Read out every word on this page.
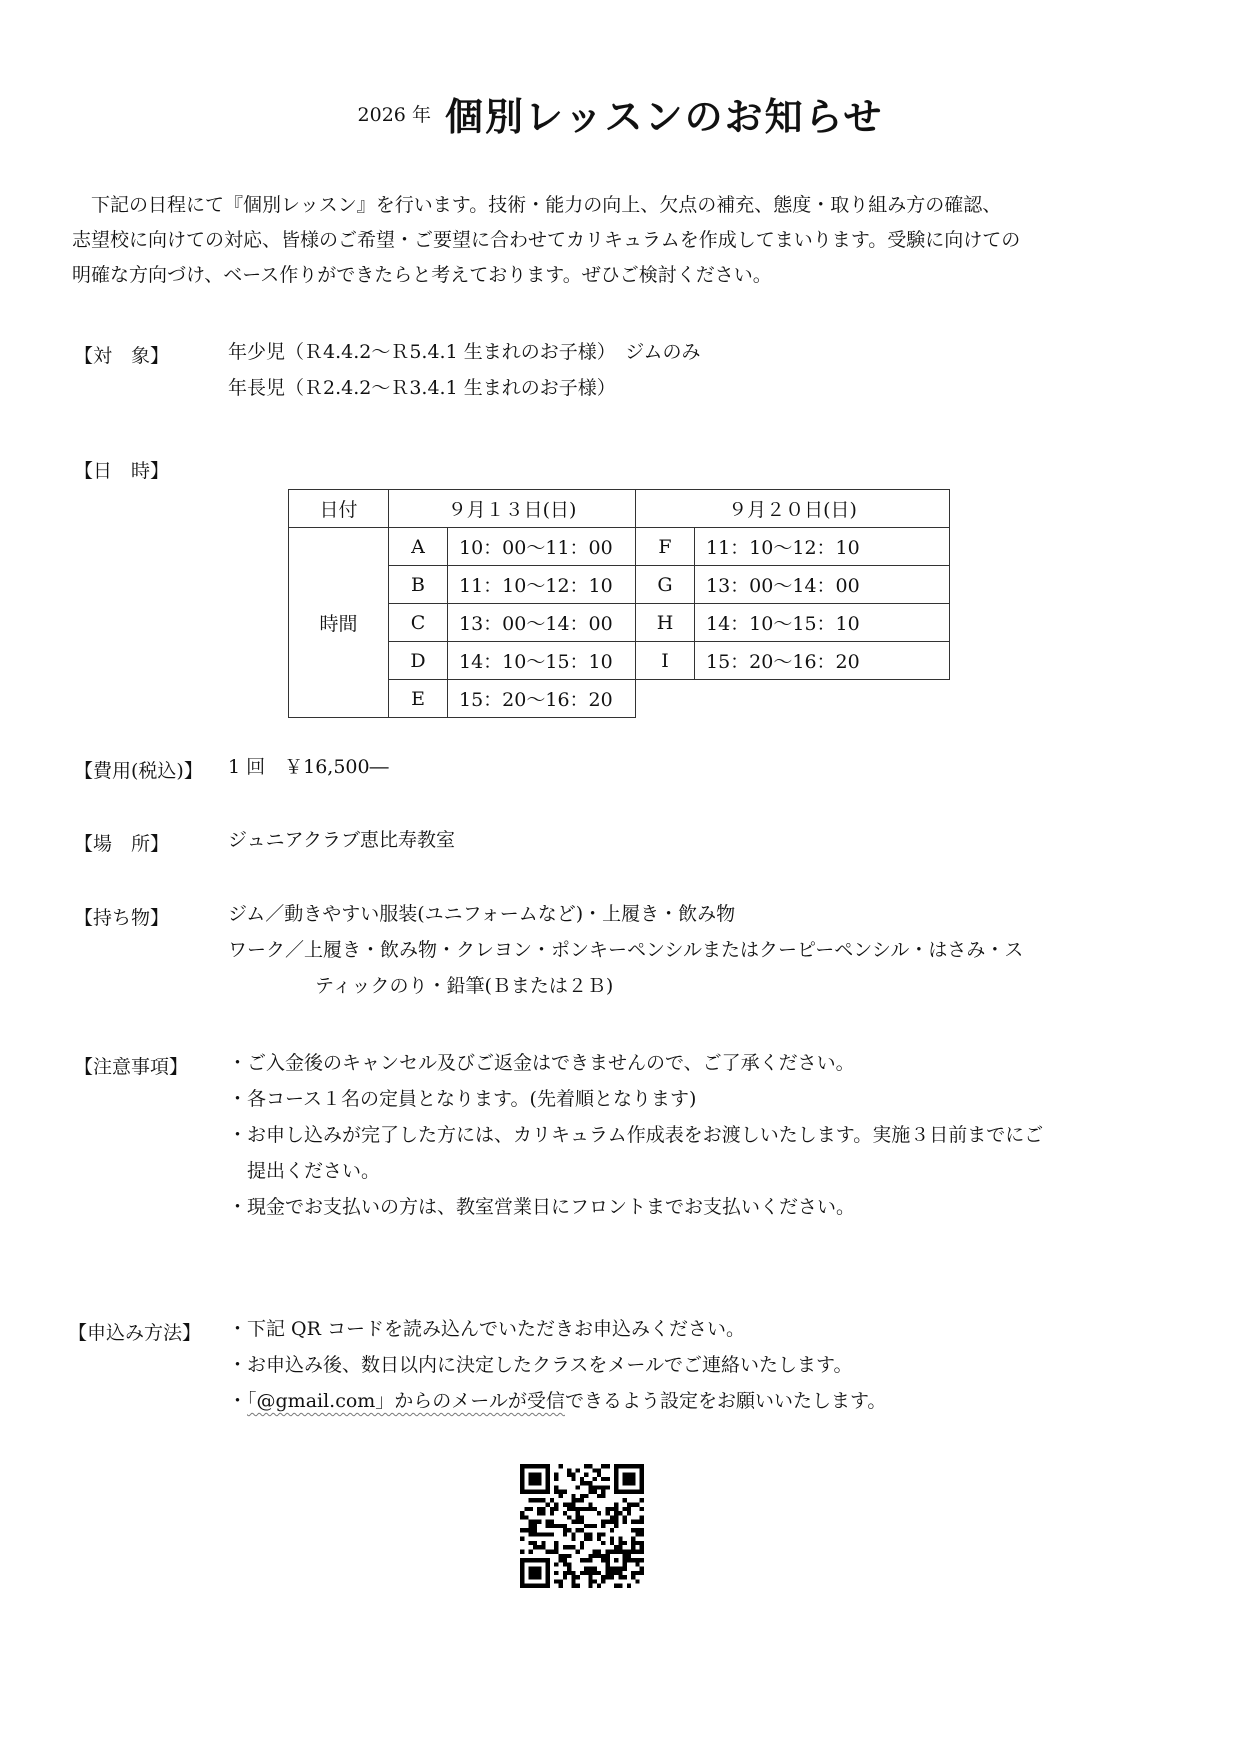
2026 年 個別レッスンのお知らせ

　下記の日程にて『個別レッスン』を行います。技術・能力の向上、欠点の補充、態度・取り組み方の確認、

志望校に向けての対応、皆様のご希望・ご要望に合わせてカリキュラムを作成してまいります。受験に向けての

明確な方向づけ、ベース作りができたらと考えております。ぜひご検討ください。

【対　象】	年少児（Ｒ4.4.2～Ｒ5.4.1 生まれのお子様）　ジムのみ

年長児（Ｒ2.4.2～Ｒ3.4.1 生まれのお子様）

【日　時】
日付	９月１３日(日)		９月２０日(日)	
時間	A	10：00～11：00	F	11：10～12：10
	B	11：10～12：10	G	13：00～14：00
	C	13：00～14：00	H	14：10～15：10
	D	14：10～15：10	I	15：20～16：20
	E	15：20～16：20		
【費用(税込)】 1 回　￥16,500―
【場　所】	ジュニアクラブ恵比寿教室
【持ち物】	ジム／動きやすい服装(ユニフォームなど)・上履き・飲み物

ワーク／上履き・飲み物・クレヨン・ポンキーペンシルまたはクーピーペンシル・はさみ・ス

ティックのり・鉛筆(Ｂまたは２Ｂ)

【注意事項】 ・ご入金後のキャンセル及びご返金はできませんので、ご了承ください。

・各コース１名の定員となります。(先着順となります)

・お申し込みが完了した方には、カリキュラム作成表をお渡しいたします。実施３日前までにご

提出ください。

・現金でお支払いの方は、教室営業日にフロントまでお支払いください。

【申込み方法】 ・下記 QR コードを読み込んでいただきお申込みください。

・お申込み後、数日以内に決定したクラスをメールでご連絡いたします。

・「@gmail.com」からのメールが受信できるよう設定をお願いいたします。
